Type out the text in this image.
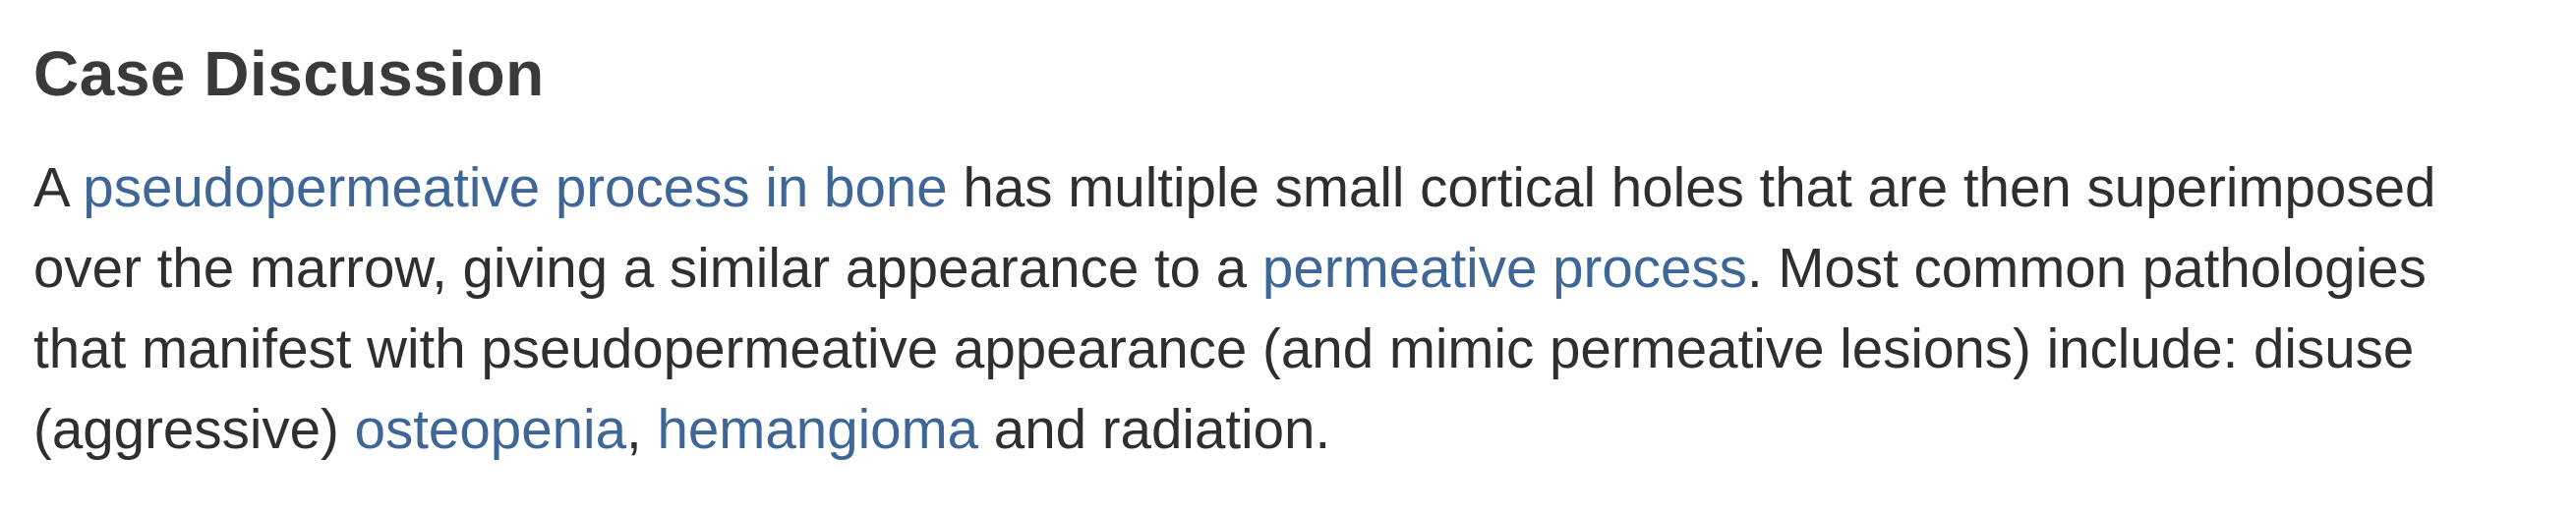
Case Discussion

A pseudopermeative process in bone has multiple small cortical holes that are then superimposed
over the marrow, giving a similar appearance to a permeative process. Most common pathologies
that manifest with pseudopermeative appearance (and mimic permeative lesions) include: disuse
(aggressive) osteopenia, hemangioma and radiation.
